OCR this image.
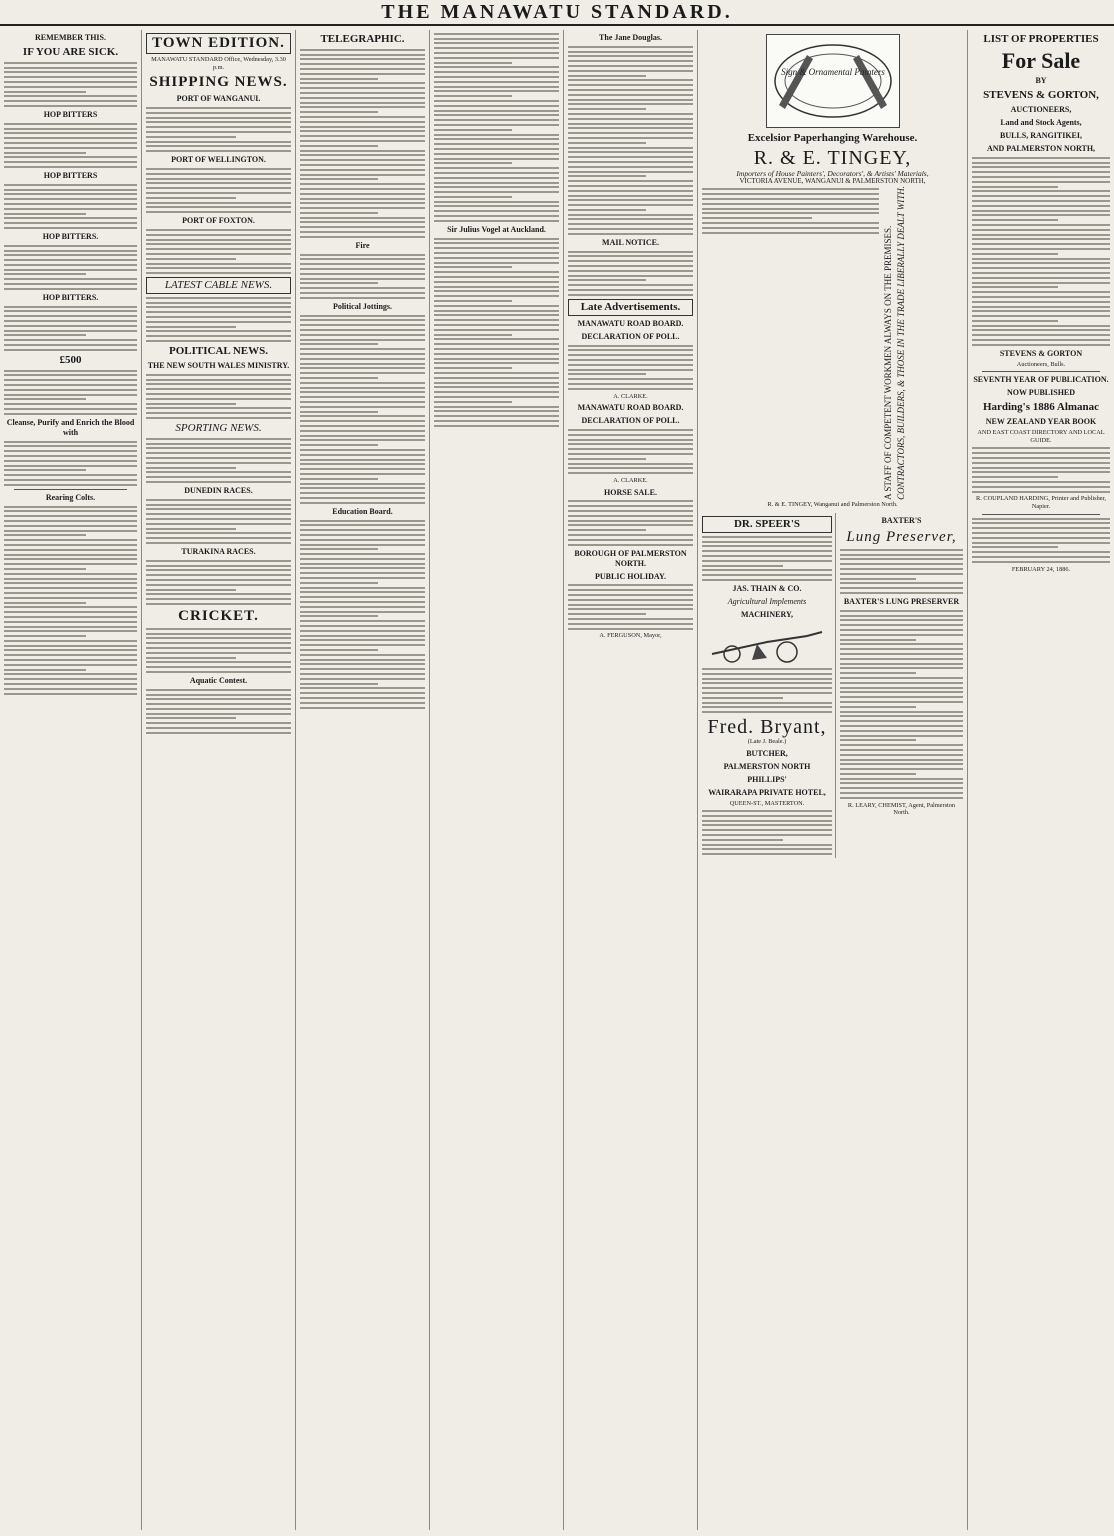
THE MANAWATU STANDARD.
REMEMBER THIS.
IF YOU ARE SICK.
HOP BITTERS
HOP BITTERS
HOP BITTERS.
HOP BITTERS.
£500
Cleanse, Purify and Enrich the Blood with
Rearing Colts.
TOWN EDITION.
MANAWATU STANDARD Office, Wednesday, 3.30 p.m.
SHIPPING NEWS.
PORT OF WANGANUI.
PORT OF WELLINGTON.
PORT OF FOXTON.
LATEST CABLE NEWS.
POLITICAL NEWS.
THE NEW SOUTH WALES MINISTRY.
SPORTING NEWS.
DUNEDIN RACES.
TURAKINA RACES.
CRICKET.
Aquatic Contest.
TELEGRAPHIC.
Fire
Political Jottings.
Education Board.
Sir Julius Vogel at Auckland.
The Jane Douglas.
MAIL NOTICE.
Late Advertisements.
MANAWATU ROAD BOARD.
DECLARATION OF POLL.
A. CLARKE.
MANAWATU ROAD BOARD.
DECLARATION OF POLL.
A. CLARKE.
HORSE SALE.
BOROUGH OF PALMERSTON NORTH.
PUBLIC HOLIDAY.
A. FERGUSON, Mayor,
Sign & Ornamental Painters
Excelsior Paperhanging Warehouse.
R. & E. TINGEY,
Importers of House Painters', Decorators', & Artists' Materials,
VICTORIA AVENUE, WANGANUI & PALMERSTON NORTH,
A STAFF OF COMPETENT WORKMEN ALWAYS ON THE PREMISES. CONTRACTORS, BUILDERS, & THOSE IN THE TRADE LIBERALLY DEALT WITH.
R. & E. TINGEY, Wanganui and Palmerston North.
DR. SPEER'S
JAS. THAIN & CO.
Agricultural Implements
MACHINERY,
Fred. Bryant,
(Late J. Beale.)
BUTCHER,
PALMERSTON NORTH
PHILLIPS'
WAIRARAPA PRIVATE HOTEL,
QUEEN-ST., MASTERTON.
BAXTER'S
Lung Preserver,
BAXTER'S LUNG PRESERVER
R. LEARY, CHEMIST, Agent, Palmerston North.
LIST OF PROPERTIES
For Sale
BY
STEVENS & GORTON,
AUCTIONEERS,
Land and Stock Agents,
BULLS, RANGITIKEI,
AND PALMERSTON NORTH,
STEVENS & GORTON
Auctioneers, Bulls.
SEVENTH YEAR OF PUBLICATION.
NOW PUBLISHED
Harding's 1886 Almanac
NEW ZEALAND YEAR BOOK
AND EAST COAST DIRECTORY AND LOCAL GUIDE.
R. COUPLAND HARDING, Printer and Publisher, Napier.
FEBRUARY 24, 1886.
